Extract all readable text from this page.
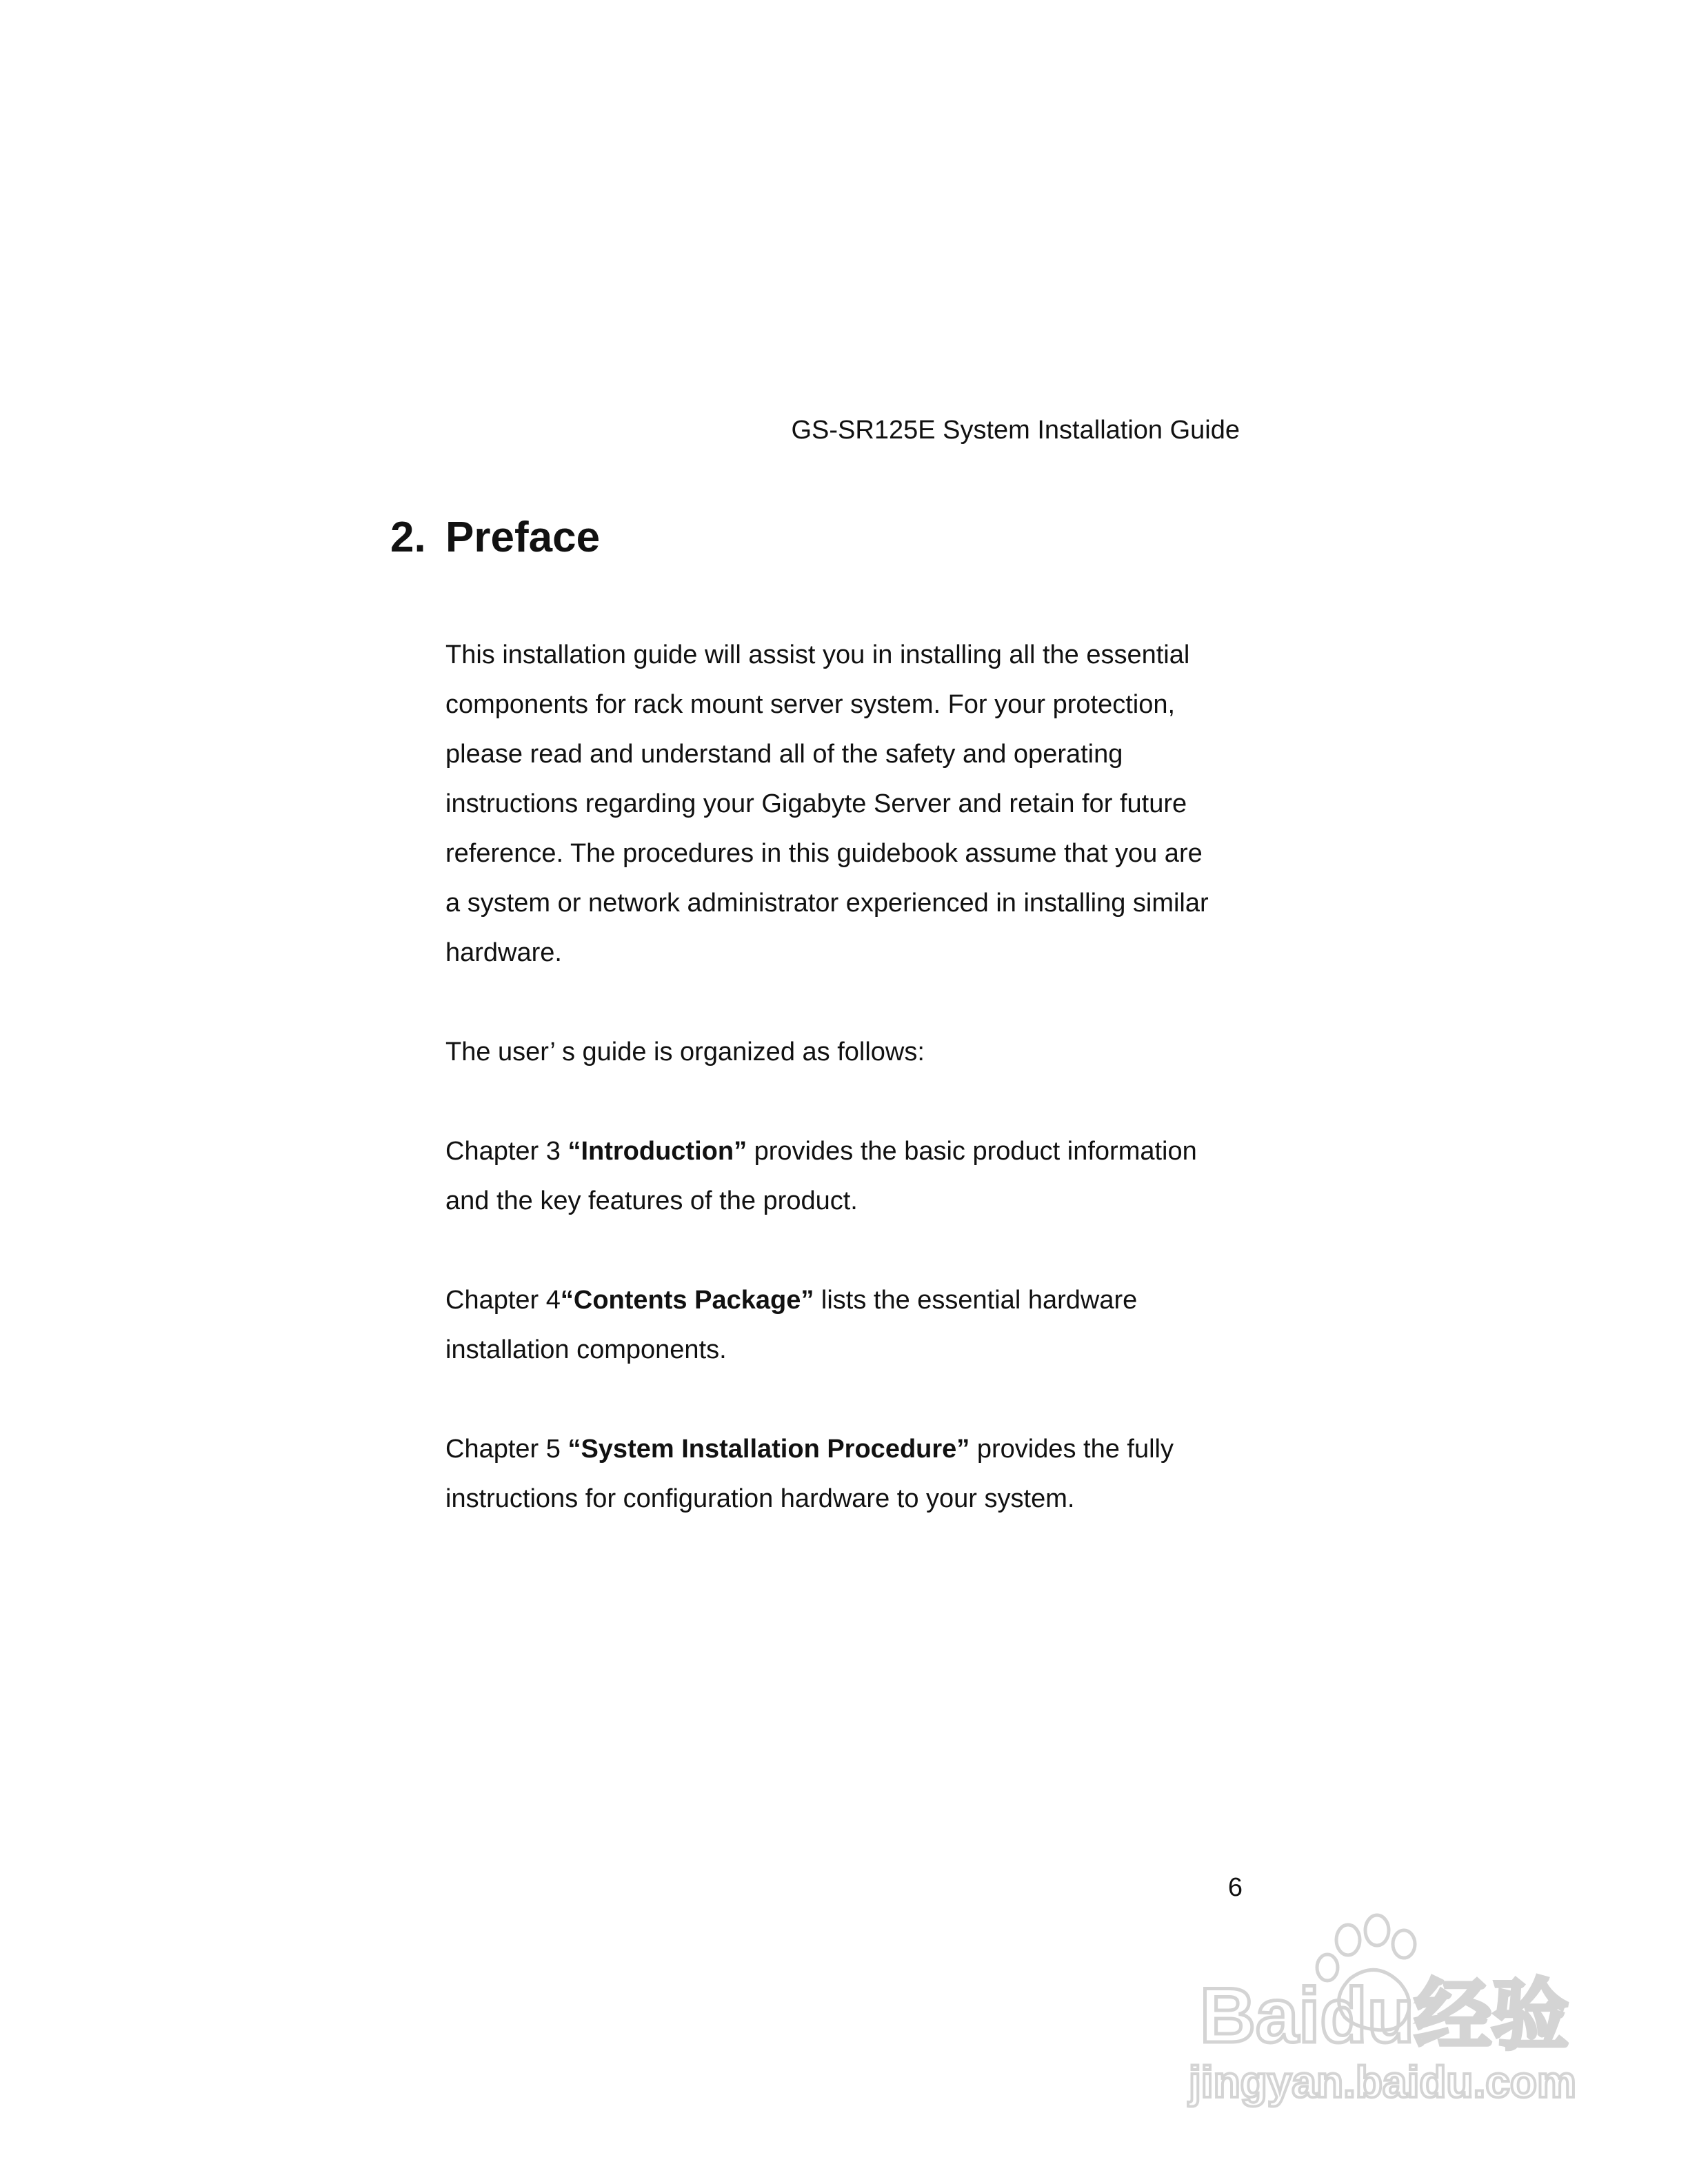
GS-SR125E System Installation Guide
2. Preface

This installation guide will assist you in installing all the essential
components for rack mount server system. For your protection,
please read and understand all of the safety and operating
instructions regarding your Gigabyte Server and retain for future
reference. The procedures in this guidebook assume that you are
a system or network administrator experienced in installing similar
hardware.

The user’ s guide is organized as follows:

Chapter 3 “Introduction” provides the basic product information
and the key features of the product.

Chapter 4“Contents Package” lists the essential hardware
installation components.

Chapter 5 “System Installation Procedure” provides the fully
instructions for configuration hardware to your system.

6
Baidu经验
jingyan.baidu.com
